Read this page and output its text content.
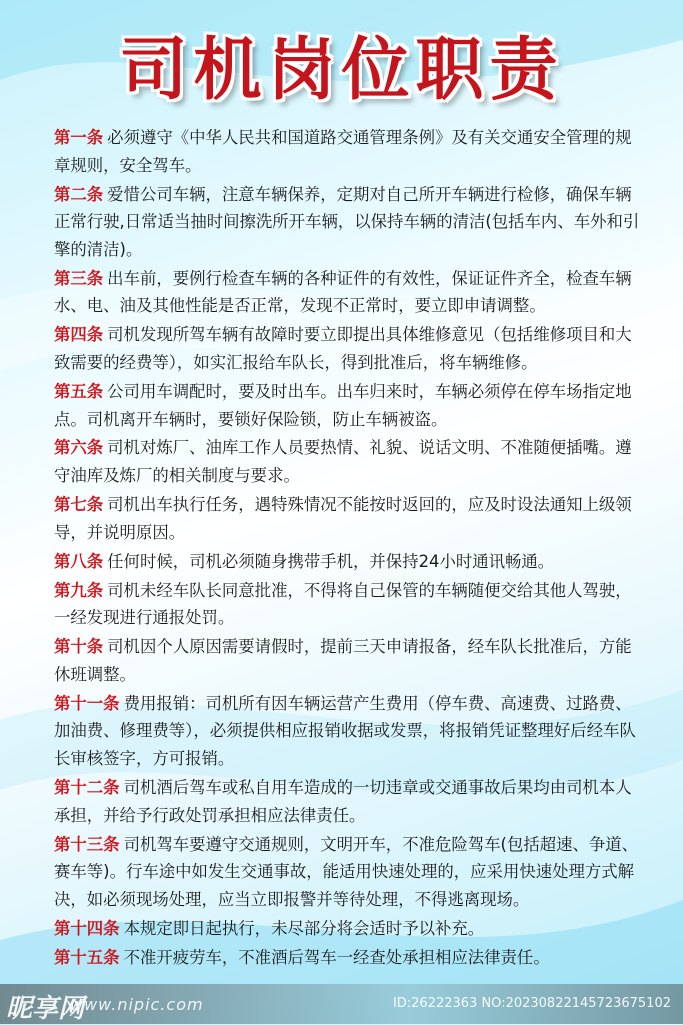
司机岗位职责

第一条 必须遵守《中华人民共和国道路交通管理条例》及有关交通安全管理的规章规则，安全驾车。

第二条 爱惜公司车辆，注意车辆保养，定期对自己所开车辆进行检修，确保车辆正常行驶,日常适当抽时间擦洗所开车辆，以保持车辆的清洁(包括车内、车外和引擎的清洁)。

第三条 出车前，要例行检查车辆的各种证件的有效性，保证证件齐全，检查车辆水、电、油及其他性能是否正常，发现不正常时，要立即申请调整。

第四条 司机发现所驾车辆有故障时要立即提出具体维修意见（包括维修项目和大致需要的经费等），如实汇报给车队长，得到批准后，将车辆维修。

第五条 公司用车调配时，要及时出车。出车归来时，车辆必须停在停车场指定地点。司机离开车辆时，要锁好保险锁，防止车辆被盗。

第六条 司机对炼厂、油库工作人员要热情、礼貌、说话文明、不准随便插嘴。遵守油库及炼厂的相关制度与要求。

第七条 司机出车执行任务，遇特殊情况不能按时返回的，应及时设法通知上级领导，并说明原因。

第八条 任何时候，司机必须随身携带手机，并保持24小时通讯畅通。

第九条 司机未经车队长同意批准，不得将自己保管的车辆随便交给其他人驾驶，一经发现进行通报处罚。

第十条 司机因个人原因需要请假时，提前三天申请报备，经车队长批准后，方能休班调整。

第十一条 费用报销：司机所有因车辆运营产生费用（停车费、高速费、过路费、加油费、修理费等），必须提供相应报销收据或发票，将报销凭证整理好后经车队长审核签字，方可报销。

第十二条 司机酒后驾车或私自用车造成的一切违章或交通事故后果均由司机本人承担，并给予行政处罚承担相应法律责任。

第十三条 司机驾车要遵守交通规则，文明开车，不准危险驾车(包括超速、争道、赛车等)。行车途中如发生交通事故，能适用快速处理的，应采用快速处理方式解决，如必须现场处理，应当立即报警并等待处理，不得逃离现场。

第十四条 本规定即日起执行，未尽部分将会适时予以补充。

第十五条 不准开疲劳车，不准酒后驾车一经查处承担相应法律责任。

昵享网
www.nipic.com	ID:26222363 NO:20230822145723675102
